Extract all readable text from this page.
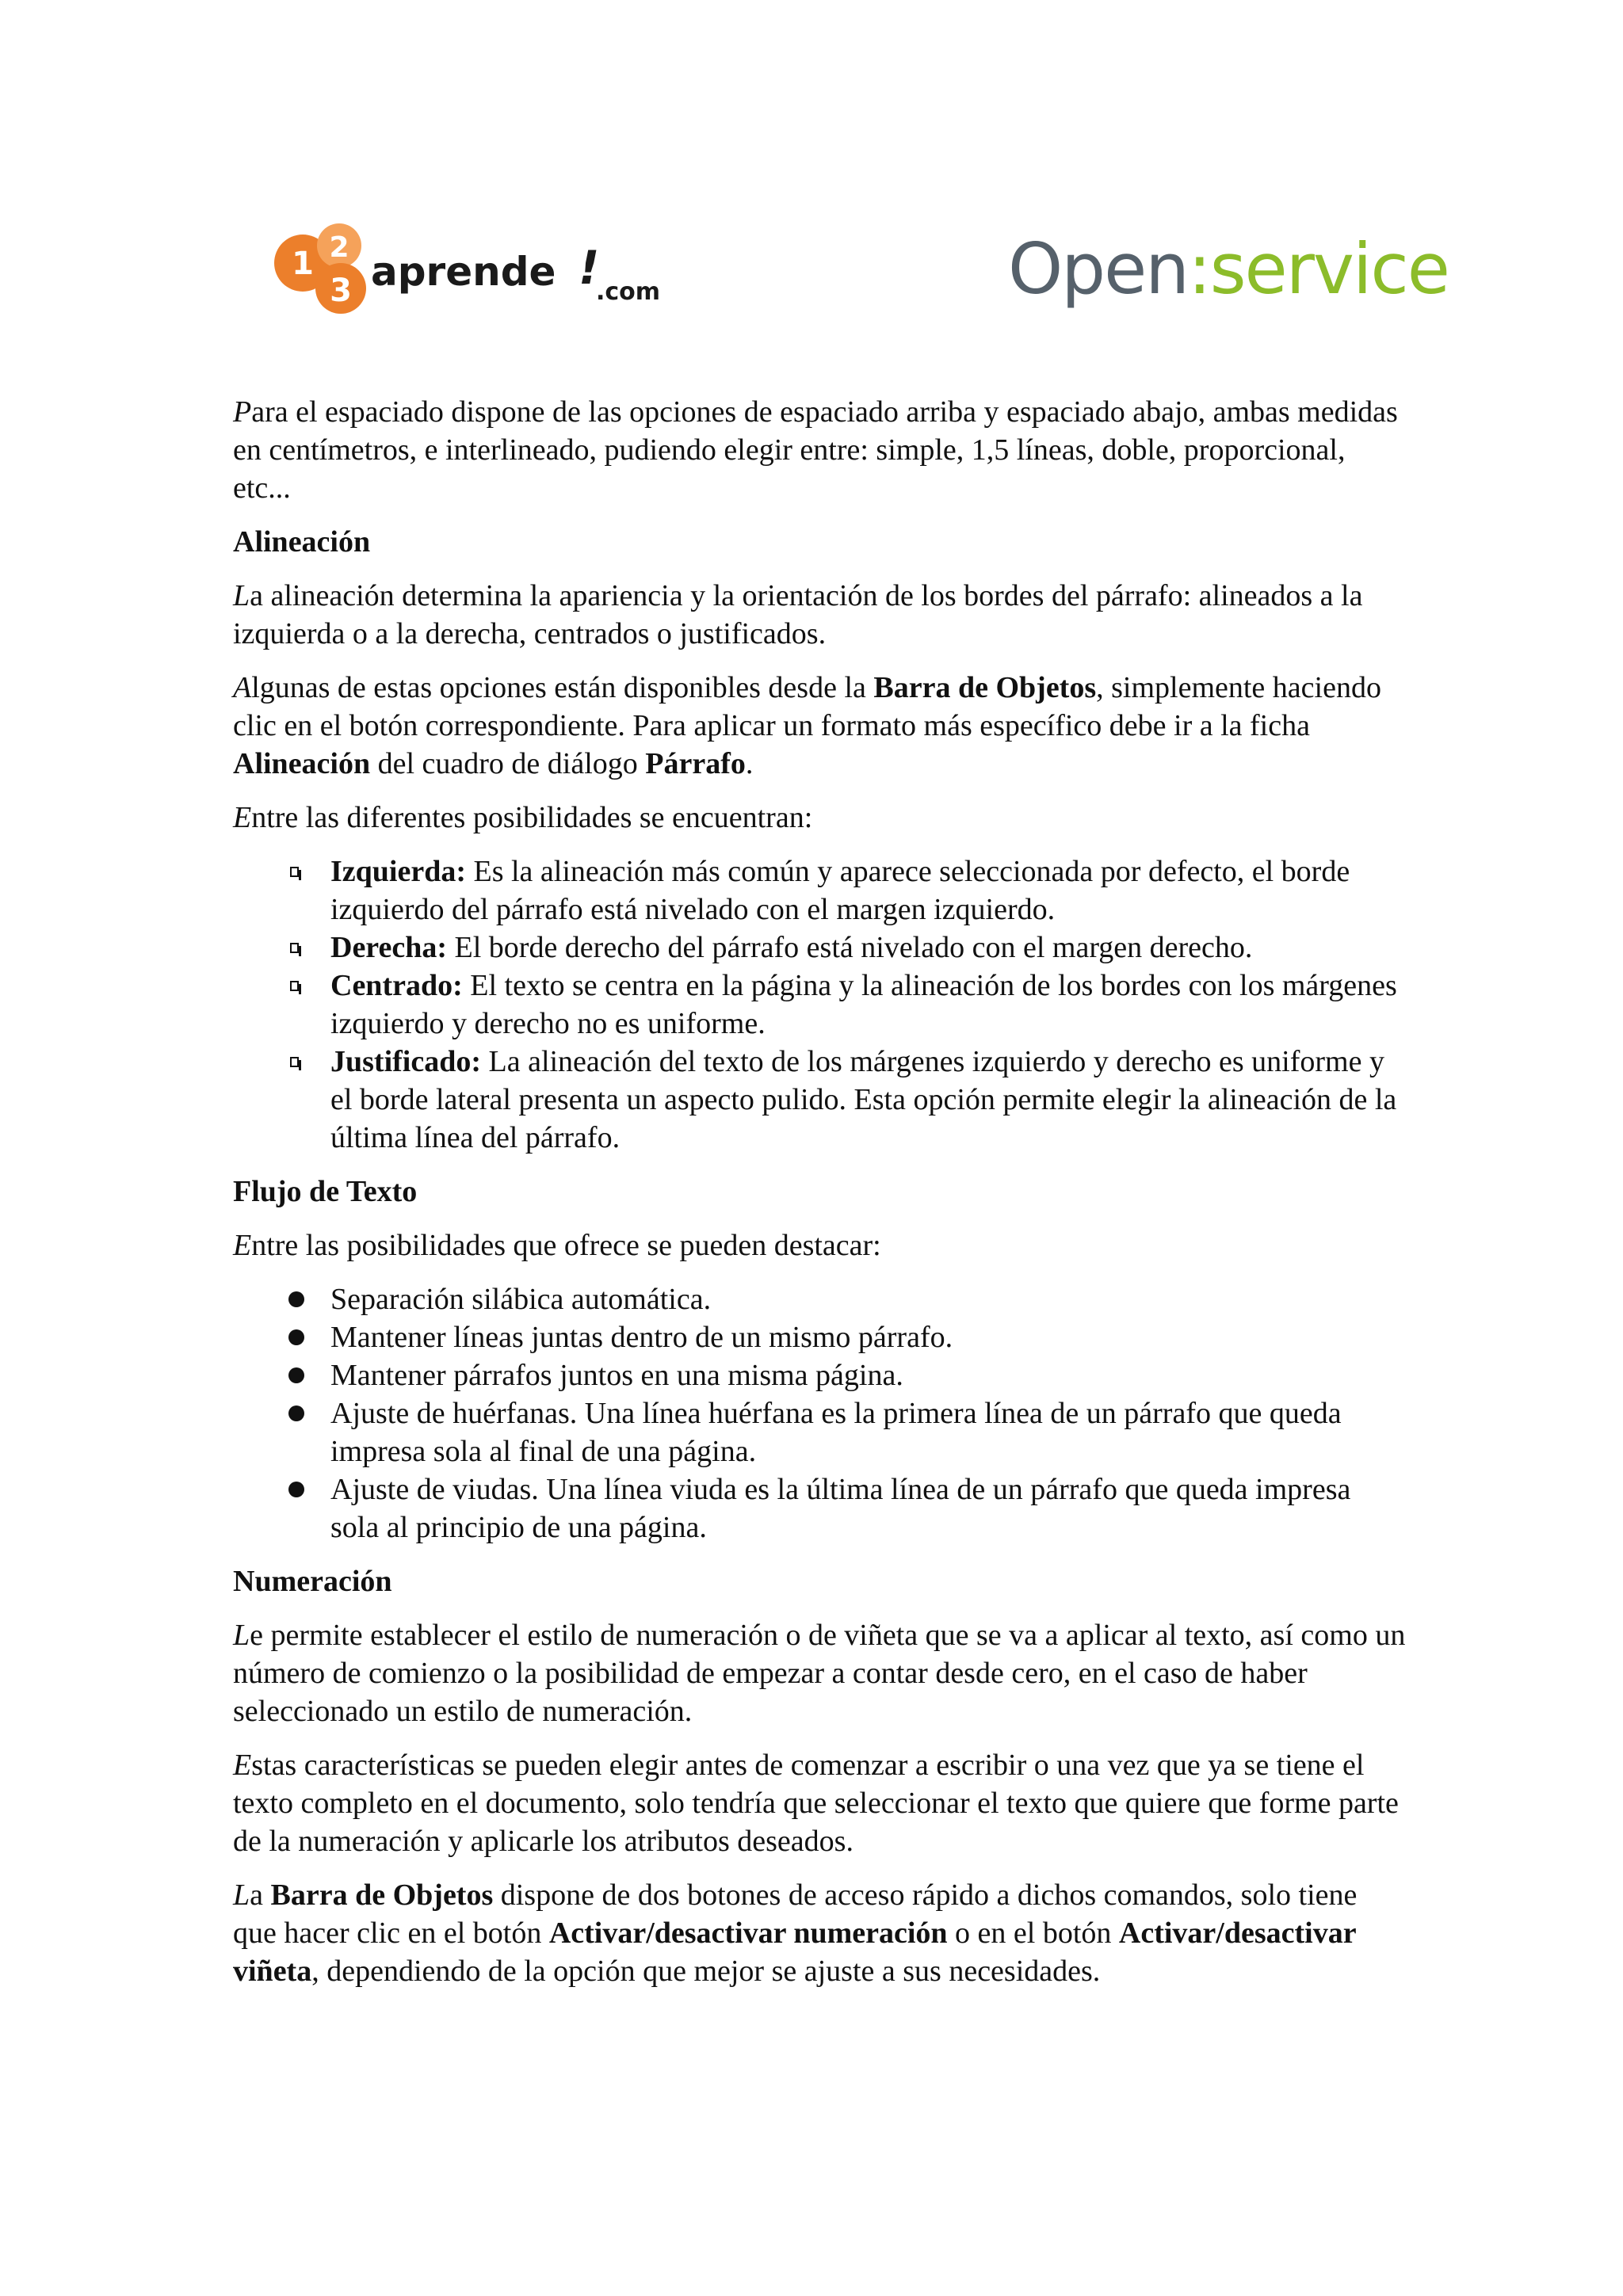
1 2
3 aprende !
.com	Open:service

Para el espaciado dispone de las opciones de espaciado arriba y espaciado abajo, ambas medidas en centímetros, e interlineado, pudiendo elegir entre: simple, 1,5 líneas, doble, proporcional, etc...

Alineación

La alineación determina la apariencia y la orientación de los bordes del párrafo: alineados a la izquierda o a la derecha, centrados o justificados.

Algunas de estas opciones están disponibles desde la Barra de Objetos, simplemente haciendo clic en el botón correspondiente. Para aplicar un formato más específico debe ir a la ficha Alineación del cuadro de diálogo Párrafo.

Entre las diferentes posibilidades se encuentran:

Izquierda: Es la alineación más común y aparece seleccionada por defecto, el borde izquierdo del párrafo está nivelado con el margen izquierdo.
Derecha: El borde derecho del párrafo está nivelado con el margen derecho.
Centrado: El texto se centra en la página y la alineación de los bordes con los márgenes izquierdo y derecho no es uniforme.
Justificado: La alineación del texto de los márgenes izquierdo y derecho es uniforme y el borde lateral presenta un aspecto pulido. Esta opción permite elegir la alineación de la última línea del párrafo.

Flujo de Texto

Entre las posibilidades que ofrece se pueden destacar:

Separación silábica automática.
Mantener líneas juntas dentro de un mismo párrafo.
Mantener párrafos juntos en una misma página.
Ajuste de huérfanas. Una línea huérfana es la primera línea de un párrafo que queda impresa sola al final de una página.
Ajuste de viudas. Una línea viuda es la última línea de un párrafo que queda impresa sola al principio de una página.

Numeración

Le permite establecer el estilo de numeración o de viñeta que se va a aplicar al texto, así como un número de comienzo o la posibilidad de empezar a contar desde cero, en el caso de haber seleccionado un estilo de numeración.

Estas características se pueden elegir antes de comenzar a escribir o una vez que ya se tiene el texto completo en el documento, solo tendría que seleccionar el texto que quiere que forme parte de la numeración y aplicarle los atributos deseados.

La Barra de Objetos dispone de dos botones de acceso rápido a dichos comandos, solo tiene que hacer clic en el botón Activar/desactivar numeración o en el botón Activar/desactivar viñeta, dependiendo de la opción que mejor se ajuste a sus necesidades.
